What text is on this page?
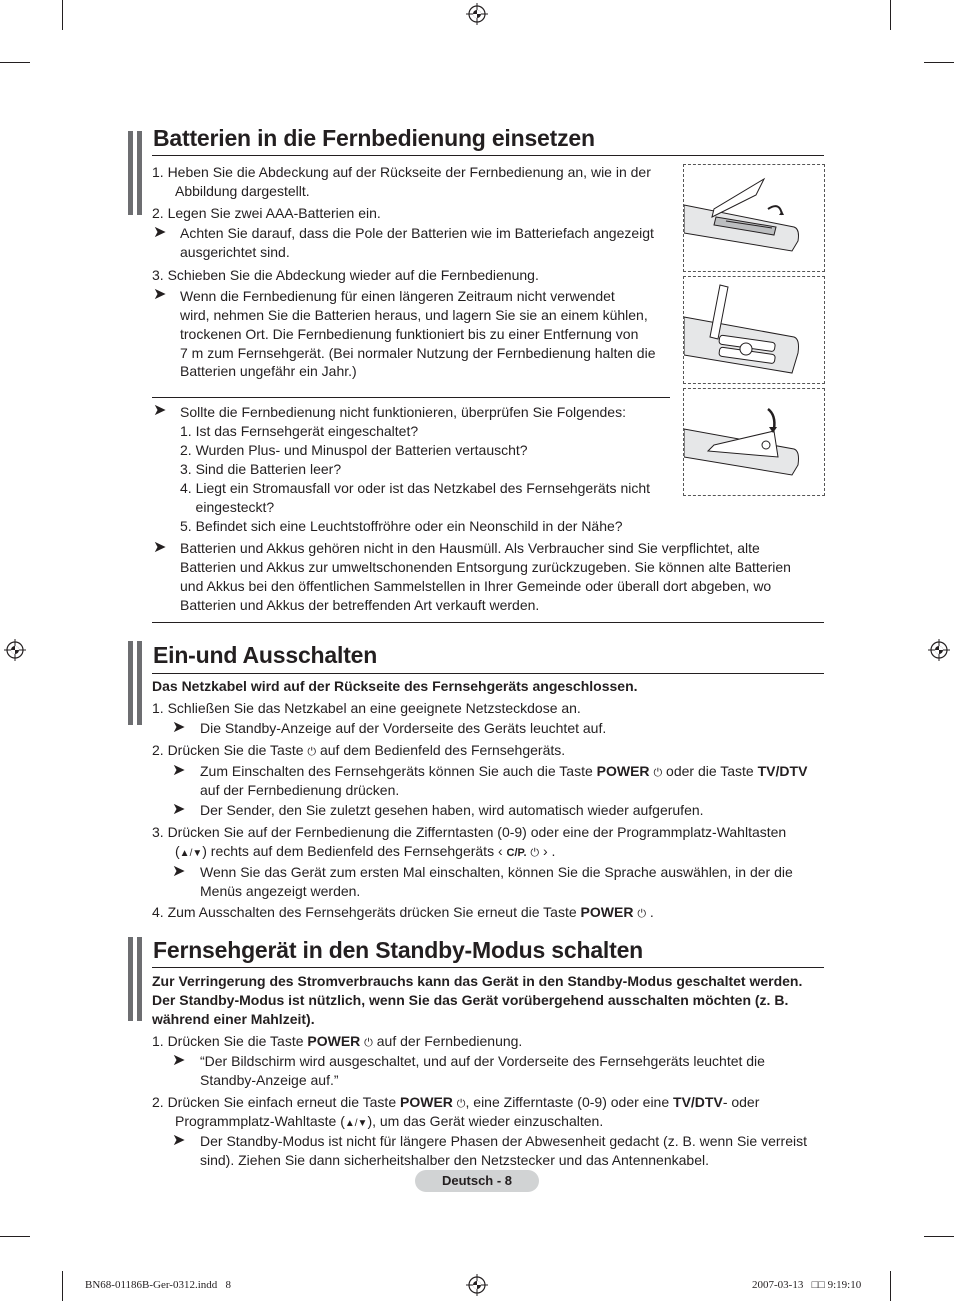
Batterien in die Fernbedienung einsetzen
1. Heben Sie die Abdeckung auf der Rückseite der Fernbedienung an, wie in der
Abbildung dargestellt.
2. Legen Sie zwei AAA-Batterien ein.
➤ Achten Sie darauf, dass die Pole der Batterien wie im Batteriefach angezeigt
ausgerichtet sind.
3. Schieben Sie die Abdeckung wieder auf die Fernbedienung.
➤ Wenn die Fernbedienung für einen längeren Zeitraum nicht verwendet
wird, nehmen Sie die Batterien heraus, und lagern Sie sie an einem kühlen,
trockenen Ort. Die Fernbedienung funktioniert bis zu einer Entfernung von
7 m zum Fernsehgerät. (Bei normaler Nutzung der Fernbedienung halten die
Batterien ungefähr ein Jahr.)
➤ Sollte die Fernbedienung nicht funktionieren, überprüfen Sie Folgendes:
1. Ist das Fernsehgerät eingeschaltet?
2. Wurden Plus- und Minuspol der Batterien vertauscht?
3. Sind die Batterien leer?
4. Liegt ein Stromausfall vor oder ist das Netzkabel des Fernsehgeräts nicht
eingesteckt?
5. Befindet sich eine Leuchtstoffröhre oder ein Neonschild in der Nähe?
➤ Batterien und Akkus gehören nicht in den Hausmüll. Als Verbraucher sind Sie verpflichtet, alte
Batterien und Akkus zur umweltschonenden Entsorgung zurückzugeben. Sie können alte Batterien
und Akkus bei den öffentlichen Sammelstellen in Ihrer Gemeinde oder überall dort abgeben, wo
Batterien und Akkus der betreffenden Art verkauft werden.
Ein-und Ausschalten
Das Netzkabel wird auf der Rückseite des Fernsehgeräts angeschlossen.
1. Schließen Sie das Netzkabel an eine geeignete Netzsteckdose an.
➤ Die Standby-Anzeige auf der Vorderseite des Geräts leuchtet auf.
2. Drücken Sie die Taste ⏻ auf dem Bedienfeld des Fernsehgeräts.
➤ Zum Einschalten des Fernsehgeräts können Sie auch die Taste POWER ⏻ oder die Taste TV/DTV
auf der Fernbedienung drücken.
➤ Der Sender, den Sie zuletzt gesehen haben, wird automatisch wieder aufgerufen.
3. Drücken Sie auf der Fernbedienung die Zifferntasten (0-9) oder eine der Programmplatz-Wahltasten
(▲/▼) rechts auf dem Bedienfeld des Fernsehgeräts ‹ C/P. ⏻ › .
➤ Wenn Sie das Gerät zum ersten Mal einschalten, können Sie die Sprache auswählen, in der die
Menüs angezeigt werden.
4. Zum Ausschalten des Fernsehgeräts drücken Sie erneut die Taste POWER ⏻ .
Fernsehgerät in den Standby-Modus schalten
Zur Verringerung des Stromverbrauchs kann das Gerät in den Standby-Modus geschaltet werden.
Der Standby-Modus ist nützlich, wenn Sie das Gerät vorübergehend ausschalten möchten (z. B.
während einer Mahlzeit).
1. Drücken Sie die Taste POWER ⏻ auf der Fernbedienung.
➤ “Der Bildschirm wird ausgeschaltet, und auf der Vorderseite des Fernsehgeräts leuchtet die
Standby-Anzeige auf.”
2. Drücken Sie einfach erneut die Taste POWER ⏻, eine Zifferntaste (0-9) oder eine TV/DTV- oder
Programmplatz-Wahltaste (▲/▼), um das Gerät wieder einzuschalten.
➤ Der Standby-Modus ist nicht für längere Phasen der Abwesenheit gedacht (z. B. wenn Sie verreist
sind). Ziehen Sie dann sicherheitshalber den Netzstecker und das Antennenkabel.
Deutsch - 8
BN68-01186B-Ger-0312.indd   8	2007-03-13   □□ 9:19:10
